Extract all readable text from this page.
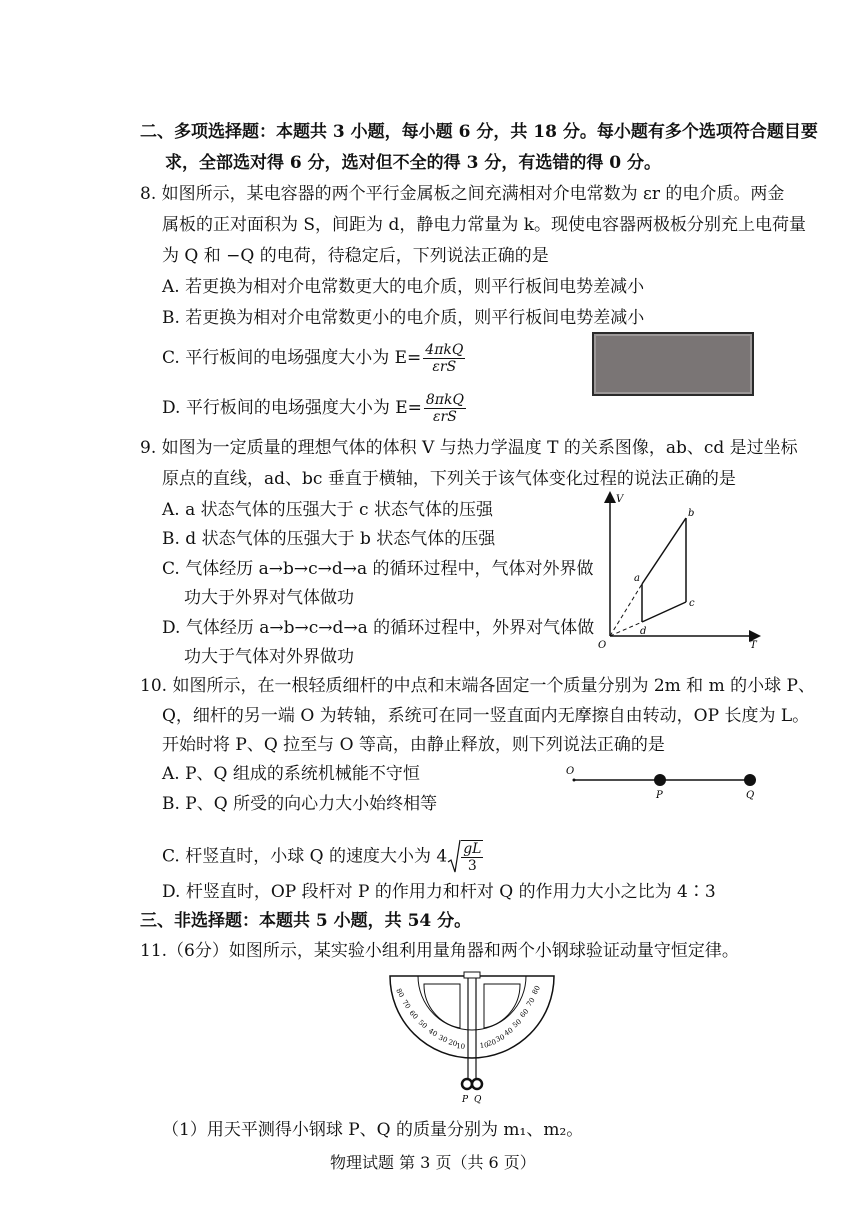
二、多项选择题：本题共 3 小题，每小题 6 分，共 18 分。每小题有多个选项符合题目要
求，全部选对得 6 分，选对但不全的得 3 分，有选错的得 0 分。
8. 如图所示，某电容器的两个平行金属板之间充满相对介电常数为 εr 的电介质。两金
属板的正对面积为 S，间距为 d，静电力常量为 k。现使电容器两极板分别充上电荷量
为 Q 和 −Q 的电荷，待稳定后，下列说法正确的是
A. 若更换为相对介电常数更大的电介质，则平行板间电势差减小
B. 若更换为相对介电常数更小的电介质，则平行板间电势差减小
C. 平行板间的电场强度大小为 $E= \frac{\text{4πkQ}}{\text{εrS}}$
D. 平行板间的电场强度大小为 $E= \frac{\text{8πkQ}}{\text{εrS}}$
9. 如图为一定质量的理想气体的体积 V 与热力学温度 T 的关系图像，ab、cd 是过坐标
原点的直线，ad、bc 垂直于横轴，下列关于该气体变化过程的说法正确的是
A. a 状态气体的压强大于 c 状态气体的压强
B. d 状态气体的压强大于 b 状态气体的压强
C. 气体经历 a→b→c→d→a 的循环过程中，气体对外界做
功大于外界对气体做功
D. 气体经历 a→b→c→d→a 的循环过程中，外界对气体做
功大于气体对外界做功
V
T
O
a
b
c
d
10. 如图所示，在一根轻质细杆的中点和末端各固定一个质量分别为 2m 和 m 的小球 P、
Q，细杆的另一端 O 为转轴，系统可在同一竖直面内无摩擦自由转动，OP 长度为 L。
开始时将 P、Q 拉至与 O 等高，由静止释放，则下列说法正确的是
A. P、Q 组成的系统机械能不守恒
B. P、Q 所受的向心力大小始终相等
C. 杆竖直时，小球 Q 的速度大小为 $4 \frac{gL}{3}$
D. 杆竖直时，OP 段杆对 P 的作用力和杆对 Q 的作用力大小之比为 4∶3
O
P	Q
三、非选择题：本题共 5 小题，共 54 分。
11.（6分）如图所示，某实验小组利用量角器和两个小钢球验证动量守恒定律。
80
70
60
50
40
30
20
10 10
20
30
40
50
60
70
80
P Q
（1）用天平测得小钢球 P、Q 的质量分别为 m₁、m₂。
物理试题 第 3 页（共 6 页）
